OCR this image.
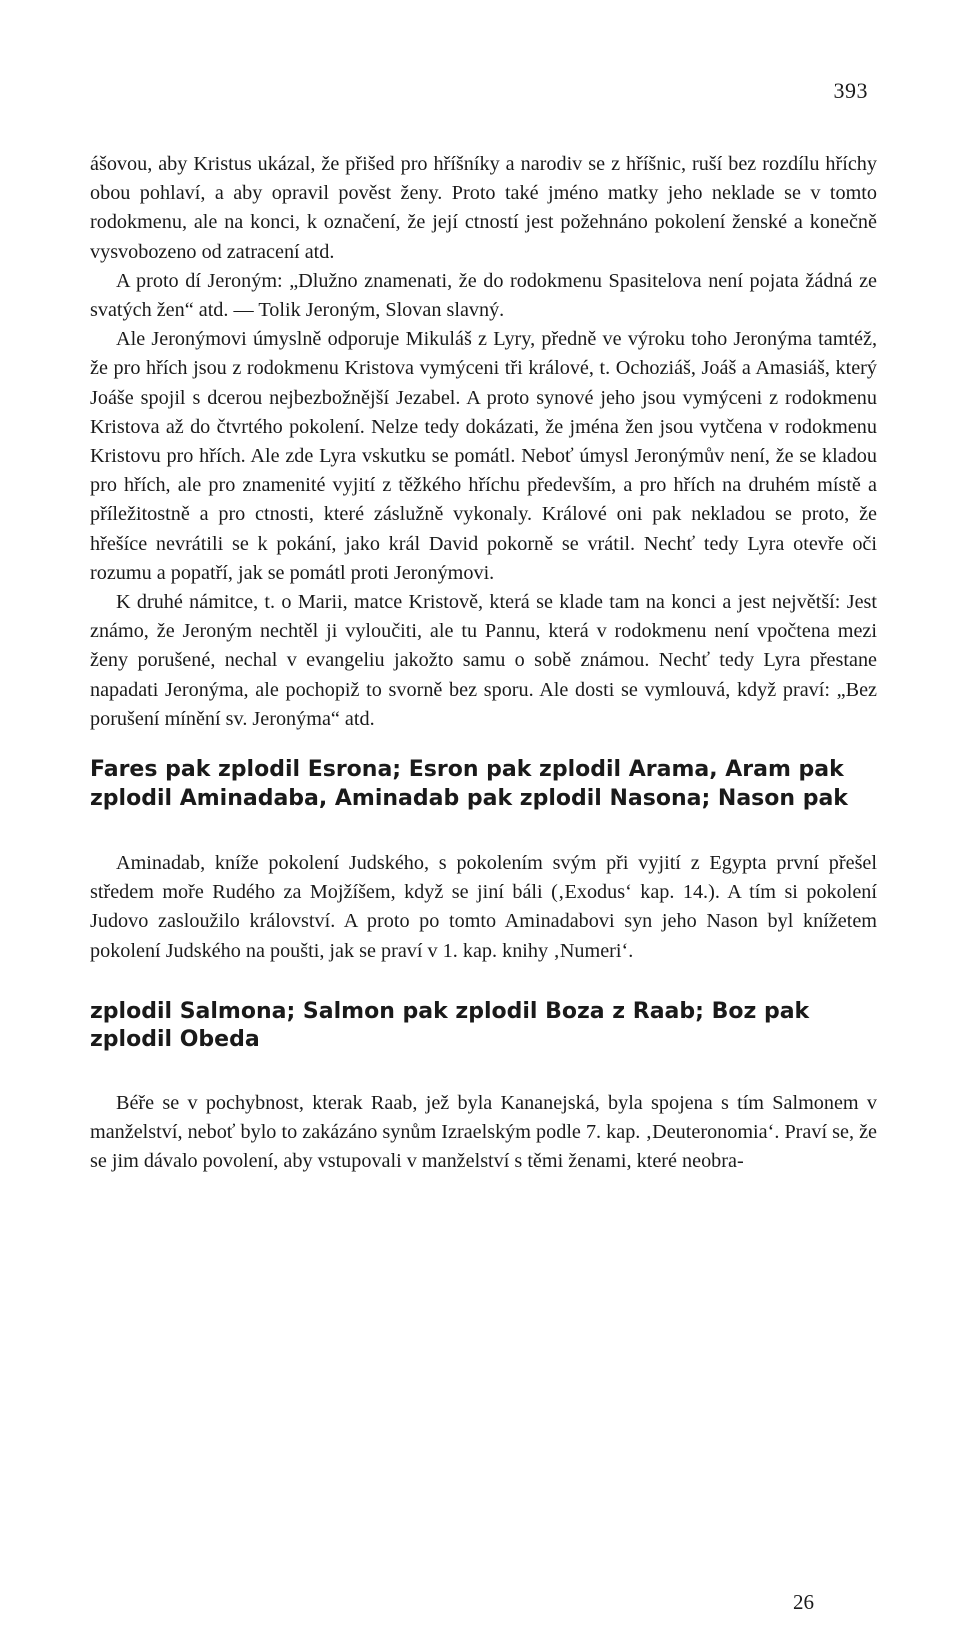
393

ášovou, aby Kristus ukázal, že přišed pro hříšníky a narodiv se z hříšnic, ruší bez rozdílu hříchy obou pohlaví, a aby opravil pověst ženy. Proto také jméno matky jeho neklade se v tomto rodokmenu, ale na konci, k označení, že její ctností jest požehnáno pokolení ženské a konečně vysvobozeno od zatracení atd.

A proto dí Jeroným: „Dlužno znamenati, že do rodokmenu Spasitelova není pojata žádná ze svatých žen“ atd. — Tolik Jeroným, Slovan slavný.

Ale Jeronýmovi úmyslně odporuje Mikuláš z Lyry, předně ve výroku toho Jeronýma tamtéž, že pro hřích jsou z rodokmenu Kristova vymýceni tři králové, t. Ochoziáš, Joáš a Amasiáš, který Joáše spojil s dcerou nejbezbožnější Jezabel. A proto synové jeho jsou vymýceni z rodokmenu Kristova až do čtvrtého pokolení. Nelze tedy dokázati, že jména žen jsou vytčena v rodokmenu Kristovu pro hřích. Ale zde Lyra vskutku se pomátl. Neboť úmysl Jeronýmův není, že se kladou pro hřích, ale pro znamenité vyjití z těžkého hříchu především, a pro hřích na druhém místě a příležitostně a pro ctnosti, které záslužně vykonaly. Králové oni pak nekladou se proto, že hřešíce nevrátili se k pokání, jako král David pokorně se vrátil. Nechť tedy Lyra otevře oči rozumu a popatří, jak se pomátl proti Jeronýmovi.

K druhé námitce, t. o Marii, matce Kristově, která se klade tam na konci a jest největší: Jest známo, že Jeroným nechtěl ji vyloučiti, ale tu Pannu, která v rodokmenu není vpočtena mezi ženy porušené, nechal v evangeliu jakožto samu o sobě známou. Nechť tedy Lyra přestane napadati Jeronýma, ale pochopiž to svorně bez sporu. Ale dosti se vymlouvá, když praví: „Bez porušení mínění sv. Jeronýma“ atd.

Fares pak zplodil Esrona; Esron pak zplodil Arama, Aram pak zplodil Aminadaba, Aminadab pak zplodil Nasona; Nason pak

Aminadab, kníže pokolení Judského, s pokolením svým při vyjití z Egypta první přešel středem moře Rudého za Mojžíšem, když se jiní báli (‚Exodus‘ kap. 14.). A tím si pokolení Judovo zasloužilo království. A proto po tomto Aminadabovi syn jeho Nason byl knížetem pokolení Judského na poušti, jak se praví v 1. kap. knihy ‚Numeri‘.

zplodil Salmona; Salmon pak zplodil Boza z Raab; Boz pak zplodil Obeda

Béře se v pochybnost, kterak Raab, jež byla Kananejská, byla spojena s tím Salmonem v manželství, neboť bylo to zakázáno synům Izraelským podle 7. kap. ‚Deuteronomia‘. Praví se, že se jim dávalo povolení, aby vstupovali v manželství s těmi ženami, které neobra-

26
